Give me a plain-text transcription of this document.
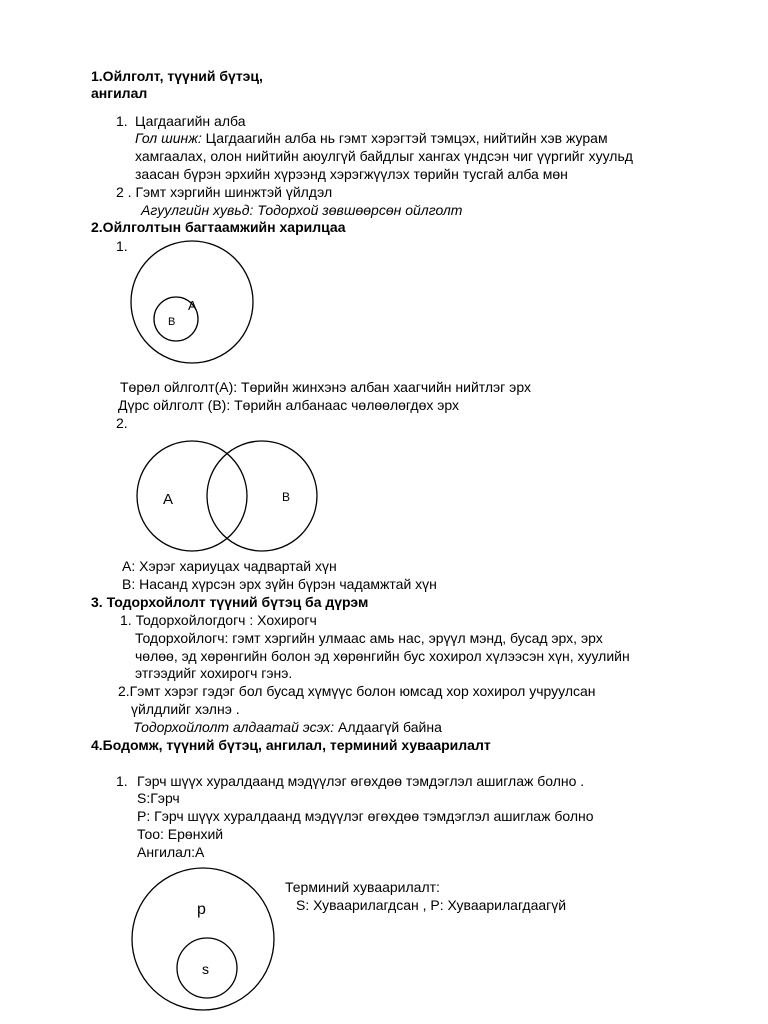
1.Ойлголт, түүний бүтэц,

ангилал

1. Цагдаагийн алба

Гол шинж: Цагдаагийн алба нь гэмт хэрэгтэй тэмцэх, нийтийн хэв журам

хамгаалах, олон нийтийн аюулгүй байдлыг хангах үндсэн чиг үүргийг хуульд

заасан бүрэн эрхийн хүрээнд хэрэгжүүлэх төрийн тусгай алба мөн

2 . Гэмт хэргийн шинжтэй үйлдэл

Агуулгийн хувьд: Тодорхой зөвшөөрсөн ойлголт

2.Ойлголтын багтаамжийн харилцаа

1.

A
B

Төрөл ойлголт(A): Төрийн жинхэнэ албан хаагчийн нийтлэг эрх

Дүрс ойлголт (B): Төрийн албанаас чөлөөлөгдөх эрх

2.

A	B

A: Хэрэг хариуцах чадвартай хүн

B: Насанд хүрсэн эрх зүйн бүрэн чадамжтай хүн

3. Тодорхойлолт түүний бүтэц ба дүрэм

1. Тодорхойлогдогч : Хохирогч

Тодорхойлогч: гэмт хэргийн улмаас амь нас, эрүүл мэнд, бусад эрх, эрх

чөлөө, эд хөрөнгийн болон эд хөрөнгийн бус хохирол хүлээсэн хүн, хуулийн

этгээдийг хохирогч гэнэ.

2.Гэмт хэрэг гэдэг бол бусад хүмүүс болон юмсад хор хохирол учруулсан

үйлдлийг хэлнэ .

Тодорхойлолт алдаатай эсэх: Алдаагүй байна

4.Бодомж, түүний бүтэц, ангилал, терминий хуваарилалт

1. Гэрч шүүх хуралдаанд мэдүүлэг өгөхдөө тэмдэглэл ашиглаж болно .

S:Гэрч

P: Гэрч шүүх хуралдаанд мэдүүлэг өгөхдөө тэмдэглэл ашиглаж болно

Тоо: Ерөнхий

Ангилал:A

Терминий хуваарилалт:

S: Хуваарилагдсан , P: Хуваарилагдаагүй

p
s
